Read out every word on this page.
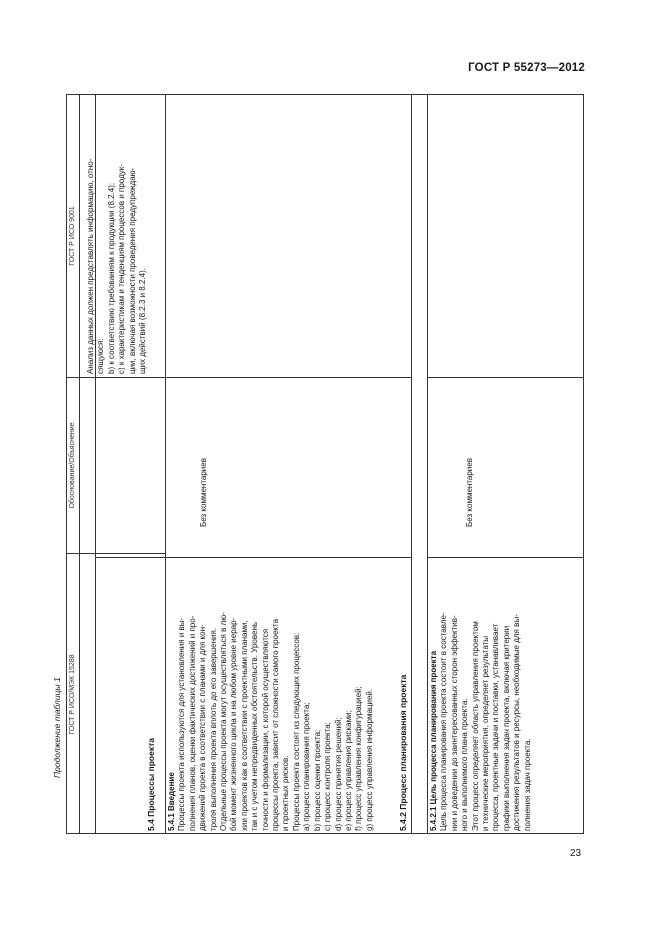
ГОСТ Р 55273—2012
Продолжение таблицы 1	ГОСТ Р ИСО/МЭК 15288
Обоснование/Объяснение
ГОСТ Р ИСО 9001 Анализ данных должен представлять информацию, отно- сящуюся: b) к соответствию требованиям к продукции (8.2.4); c) к характеристикам и тенденциям процессов и продук- ции, включая возможности проведения предупреждаю- щих действий (8.2.3 и 8.2.4).
5.4 Процессы проекта 5.4.1 Введение Процессы проекта используются для установления и вы- полнения планов, оценки фактических достижений и про- движений проекта в соответствии с планами и для кон- троля выполнения проекта вплоть до его завершения. Отдельные процессы проекта могут осуществляться в лю- бой момент жизненного цикла и на любом уровне иерар- хии проектов как в соответствии с проектными планами, так и с учетом непредвиденных обстоятельств. Уровень точности и формализации, с которой осуществляются процессы проекта, зависит от сложности самого проекта и проектных рисков. Процессы проекта состоят из следующих процессов: а) процесс планирования проекта; b) процесс оценки проекта; c) процесс контроля проекта; d) процесс принятия решений; e) процесс управления рисками; f) процесс управления конфигурацией; g) процесс управления информацией.
Без комментариев
5.4.2 Процесс планирования проекта	5.4.2.1 Цель процесса планирования проекта Цель процесса планирования проекта состоит в составле- нии и доведении до заинтересованных сторон эффектив- ного и выполнимого плана проекта. Этот процесс определяет область управления проектом и технические мероприятия, определяет результаты процесса, проектные задачи и поставки, устанавливает графики выполнения задач проекта, включая критерии достижения результатов и ресурсы, необходимые для вы- полнения задач проекта.
Без комментариев
23
